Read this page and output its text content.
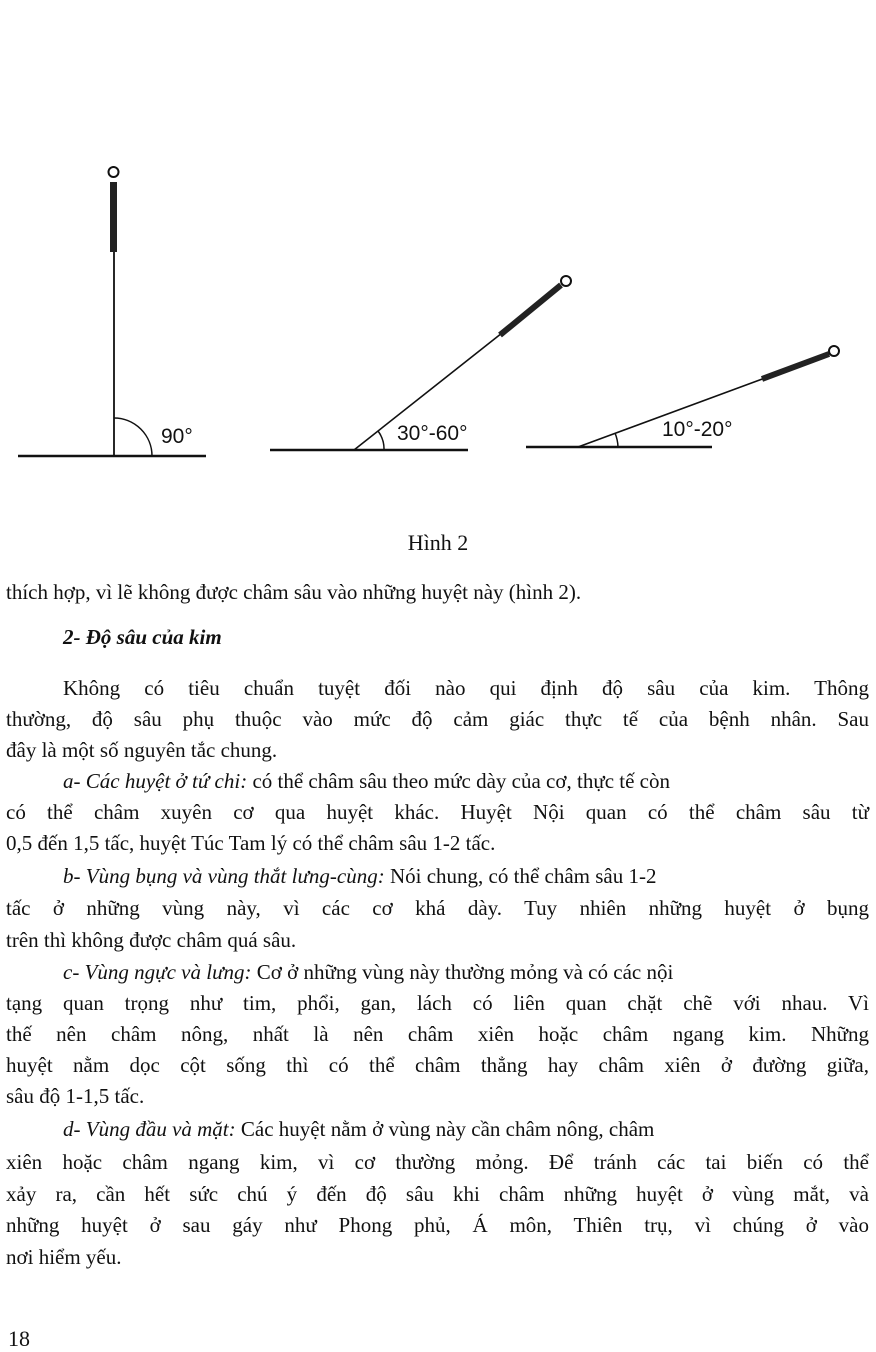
90°	30°-60°	10°-20°
Hình 2
thích hợp, vì lẽ không được châm sâu vào những huyệt này (hình 2).
2- Độ sâu của kim
Không có tiêu chuẩn tuyệt đối nào qui định độ sâu của kim. Thông
thường, độ sâu phụ thuộc vào mức độ cảm giác thực tế của bệnh nhân. Sau
đây là một số nguyên tắc chung.
a- Các huyệt ở tứ chi: có thể châm sâu theo mức dày của cơ, thực tế còn
có thể châm xuyên cơ qua huyệt khác. Huyệt Nội quan có thể châm sâu từ
0,5 đến 1,5 tấc, huyệt Túc Tam lý có thể châm sâu 1-2 tấc.
b- Vùng bụng và vùng thắt lưng-cùng: Nói chung, có thể châm sâu 1-2
tấc ở những vùng này, vì các cơ khá dày. Tuy nhiên những huyệt ở bụng
trên thì không được châm quá sâu.
c- Vùng ngực và lưng: Cơ ở những vùng này thường mỏng và có các nội
tạng quan trọng như tim, phổi, gan, lách có liên quan chặt chẽ với nhau. Vì
thế nên châm nông, nhất là nên châm xiên hoặc châm ngang kim. Những
huyệt nằm dọc cột sống thì có thể châm thẳng hay châm xiên ở đường giữa,
sâu độ 1-1,5 tấc.
d- Vùng đầu và mặt: Các huyệt nằm ở vùng này cần châm nông, châm
xiên hoặc châm ngang kim, vì cơ thường mỏng. Để tránh các tai biến có thể
xảy ra, cần hết sức chú ý đến độ sâu khi châm những huyệt ở vùng mắt, và
những huyệt ở sau gáy như Phong phủ, Á môn, Thiên trụ, vì chúng ở vào
nơi hiểm yếu.
18
